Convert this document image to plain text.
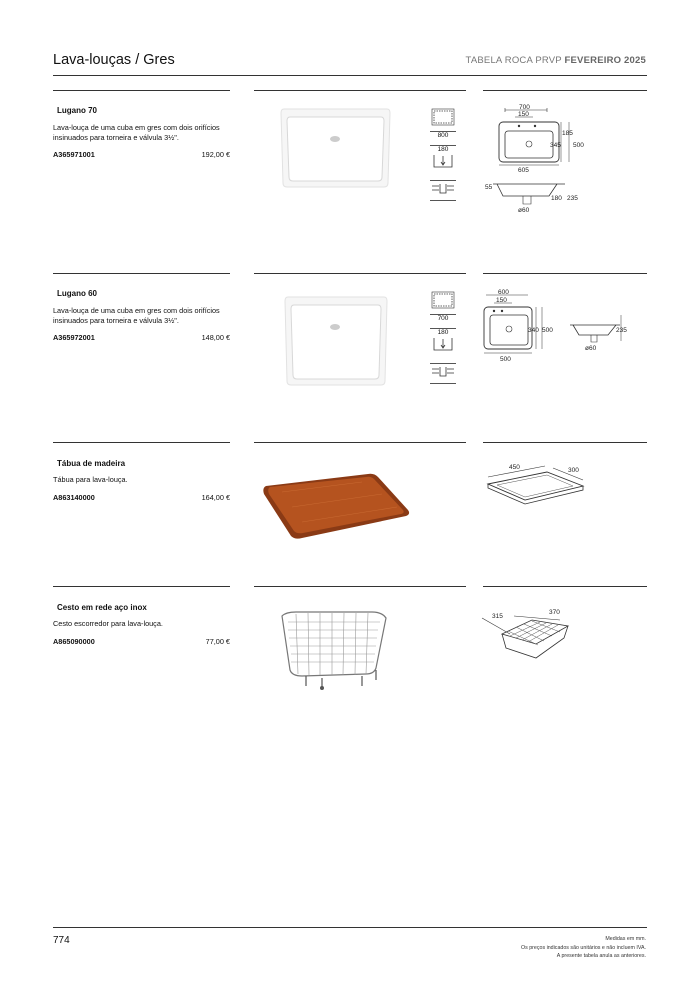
Lava-louças / Gres	TABELA ROCA PRVP FEVEREIRO 2025
Lugano 70
Lava-louça de uma cuba em gres com dois orifícios insinuados para torneira e válvula 3½".
A365971001	192,00 €
800
180
700
150
185
345 500
605
55
180 235
ø60
Lugano 60
Lava-louça de uma cuba em gres com dois orifícios insinuados para torneira e válvula 3½".
A365972001	148,00 €
700
180
600
150
340 500
500
235
ø60
Tábua de madeira
Tábua para lava-louça.
A863140000	164,00 €
450	300
Cesto em rede aço inox
Cesto escorredor para lava-louça.
A865090000	77,00 €
315
370
774	Medidas em mm.
Os preços indicados são unitários e não incluem IVA.
A presente tabela anula as anteriores.
